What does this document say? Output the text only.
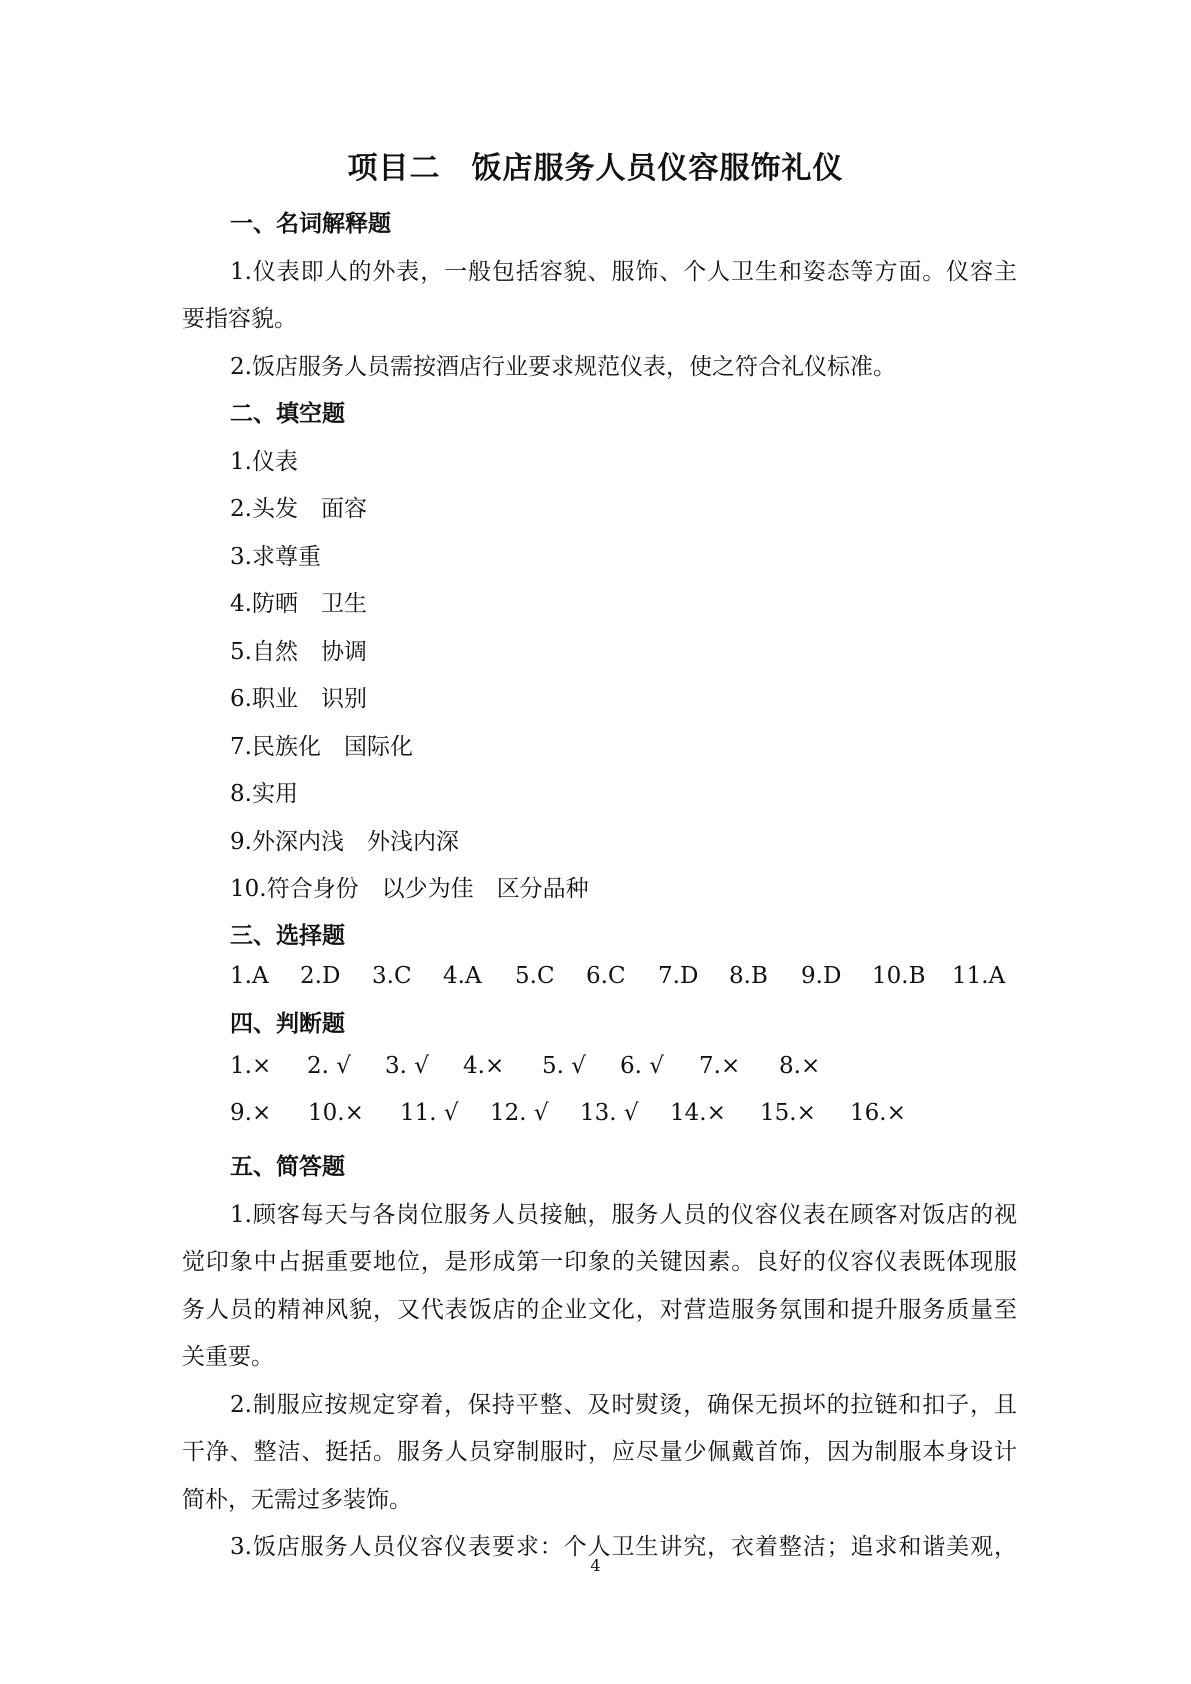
项目二　饭店服务人员仪容服饰礼仪
一、名词解释题
1.仪表即人的外表，一般包括容貌、服饰、个人卫生和姿态等方面。仪容主
要指容貌。
2.饭店服务人员需按酒店行业要求规范仪表，使之符合礼仪标准。
二、填空题
1.仪表
2.头发　面容
3.求尊重
4.防晒　卫生
5.自然　协调
6.职业　识别
7.民族化　国际化
8.实用
9.外深内浅　外浅内深
10.符合身份　以少为佳　区分品种
三、选择题
1.A 2.D 3.C 4.A 5.C 6.C 7.D 8.B 9.D 10.B 11.A
四、判断题
1.× 2. √ 3. √ 4.× 5. √ 6. √ 7.× 8.×
9.× 10.× 11. √ 12. √ 13. √ 14.× 15.× 16.×
五、简答题
1.顾客每天与各岗位服务人员接触，服务人员的仪容仪表在顾客对饭店的视
觉印象中占据重要地位，是形成第一印象的关键因素。良好的仪容仪表既体现服
务人员的精神风貌，又代表饭店的企业文化，对营造服务氛围和提升服务质量至
关重要。
2.制服应按规定穿着，保持平整、及时熨烫，确保无损坏的拉链和扣子，且
干净、整洁、挺括。服务人员穿制服时，应尽量少佩戴首饰，因为制服本身设计
简朴，无需过多装饰。
3.饭店服务人员仪容仪表要求：个人卫生讲究，衣着整洁；追求和谐美观，
4
